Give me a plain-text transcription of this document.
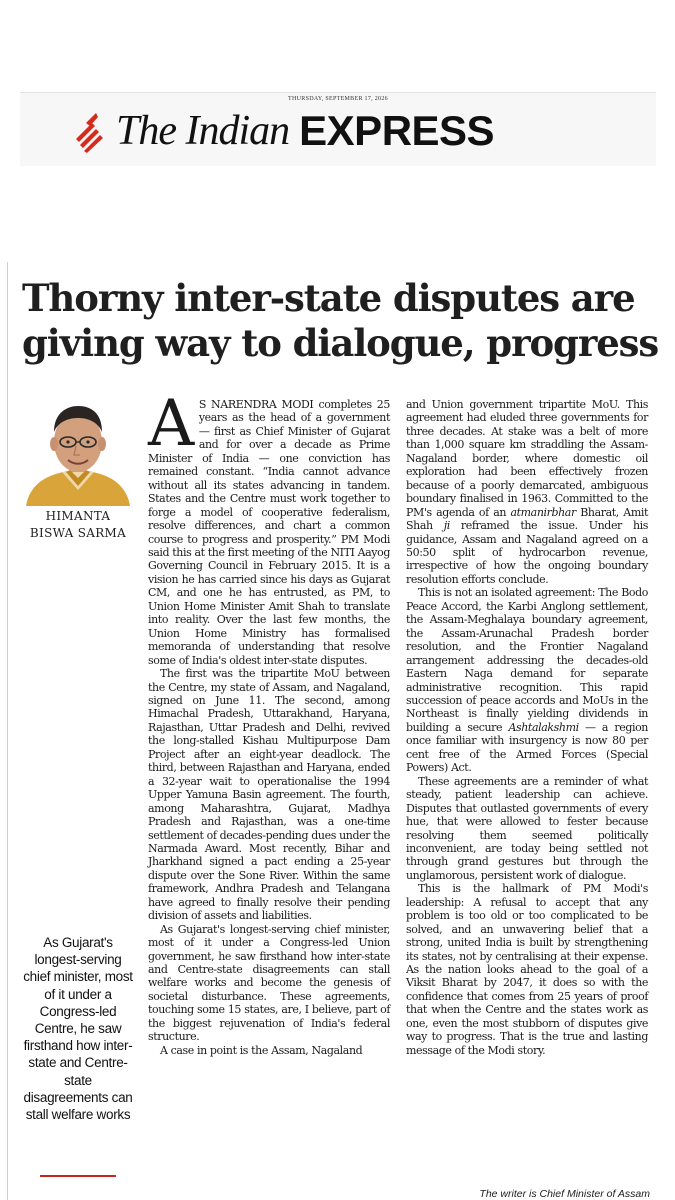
THURSDAY, SEPTEMBER 17, 2026
The Indian EXPRESS
Thorny inter-state disputes are giving way to dialogue, progress
HIMANTA BISWA SARMA
As Gujarat's longest-serving chief minister, most of it under a Congress-led Centre, he saw firsthand how inter-state and Centre-state disagreements can stall welfare works

A S NARENDRA MODI completes 25 years as the head of a government — first as Chief Minister of Gujarat and for over a decade as Prime Minister of India — one conviction has remained constant. “India cannot advance without all its states advancing in tandem. States and the Centre must work together to forge a model of cooperative federalism, resolve differences, and chart a common course to progress and prosperity.” PM Modi said this at the first meeting of the NITI Aayog Governing Council in February 2015. It is a vision he has carried since his days as Gujarat CM, and one he has entrusted, as PM, to Union Home Minister Amit Shah to translate into reality. Over the last few months, the Union Home Ministry has formalised memoranda of understanding that resolve some of India's oldest inter-state disputes.

The first was the tripartite MoU between the Centre, my state of Assam, and Nagaland, signed on June 11. The second, among Himachal Pradesh, Uttarakhand, Haryana, Rajasthan, Uttar Pradesh and Delhi, revived the long-stalled Kishau Multipurpose Dam Project after an eight-year deadlock. The third, between Rajasthan and Haryana, ended a 32-year wait to operationalise the 1994 Upper Yamuna Basin agreement. The fourth, among Maharashtra, Gujarat, Madhya Pradesh and Rajasthan, was a one-time settlement of decades-pending dues under the Narmada Award. Most recently, Bihar and Jharkhand signed a pact ending a 25-year dispute over the Sone River. Within the same framework, Andhra Pradesh and Telangana have agreed to finally resolve their pending division of assets and liabilities.

As Gujarat's longest-serving chief minister, most of it under a Congress-led Union government, he saw firsthand how inter-state and Centre-state disagreements can stall welfare works and become the genesis of societal disturbance. These agreements, touching some 15 states, are, I believe, part of the biggest rejuvenation of India's federal structure.

A case in point is the Assam, Nagaland

and Union government tripartite MoU. This agreement had eluded three governments for three decades. At stake was a belt of more than 1,000 square km straddling the Assam-Nagaland border, where domestic oil exploration had been effectively frozen because of a poorly demarcated, ambiguous boundary finalised in 1963. Committed to the PM's agenda of an atmanirbhar Bharat, Amit Shah ji reframed the issue. Under his guidance, Assam and Nagaland agreed on a 50:50 split of hydrocarbon revenue, irrespective of how the ongoing boundary resolution efforts conclude.

This is not an isolated agreement: The Bodo Peace Accord, the Karbi Anglong settlement, the Assam-Meghalaya boundary agreement, the Assam-Arunachal Pradesh border resolution, and the Frontier Nagaland arrangement addressing the decades-old Eastern Naga demand for separate administrative recognition. This rapid succession of peace accords and MoUs in the Northeast is finally yielding dividends in building a secure Ashtalakshmi — a region once familiar with insurgency is now 80 per cent free of the Armed Forces (Special Powers) Act.

These agreements are a reminder of what steady, patient leadership can achieve. Disputes that outlasted governments of every hue, that were allowed to fester because resolving them seemed politically inconvenient, are today being settled not through grand gestures but through the unglamorous, persistent work of dialogue.

This is the hallmark of PM Modi's leadership: A refusal to accept that any problem is too old or too complicated to be solved, and an unwavering belief that a strong, united India is built by strengthening its states, not by centralising at their expense. As the nation looks ahead to the goal of a Viksit Bharat by 2047, it does so with the confidence that comes from 25 years of proof that when the Centre and the states work as one, even the most stubborn of disputes give way to progress. That is the true and lasting message of the Modi story.

The writer is Chief Minister of Assam
